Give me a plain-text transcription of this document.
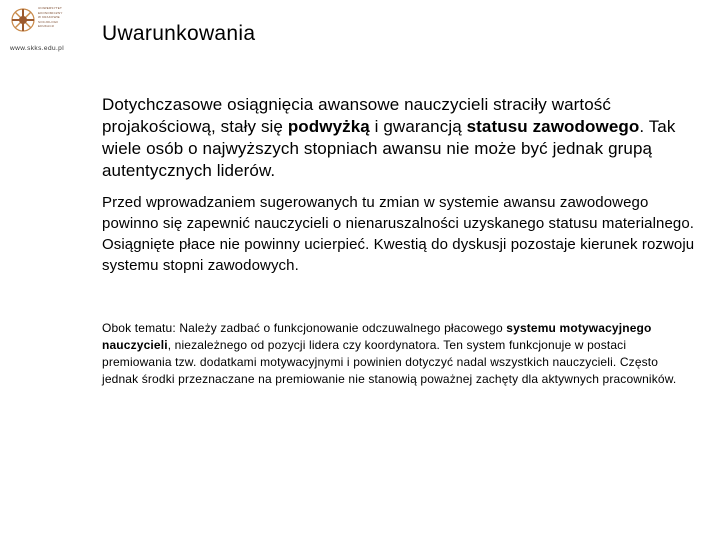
UNIWERSYTET
EKONOMICZNY
W KRAKOWIE
SOCJOLOGII
EDUKACJI
www.skks.edu.pl
Uwarunkowania

Dotychczasowe osiągnięcia awansowe nauczycieli straciły wartość projakościową, stały się podwyżką i gwarancją statusu zawodowego. Tak wiele osób o najwyższych stopniach awansu nie może być jednak grupą autentycznych liderów.

Przed wprowadzaniem sugerowanych tu zmian w systemie awansu zawodowego powinno się zapewnić nauczycieli o nienaruszalności uzyskanego statusu materialnego. Osiągnięte płace nie powinny ucierpieć. Kwestią do dyskusji pozostaje kierunek rozwoju systemu stopni zawodowych.

Obok tematu: Należy zadbać o funkcjonowanie odczuwalnego płacowego systemu motywacyjnego nauczycieli, niezależnego od pozycji lidera czy koordynatora. Ten system funkcjonuje w postaci premiowania tzw. dodatkami motywacyjnymi i powinien dotyczyć nadal wszystkich nauczycieli. Często jednak środki przeznaczane na premiowanie nie stanowią poważnej zachęty dla aktywnych pracowników.
